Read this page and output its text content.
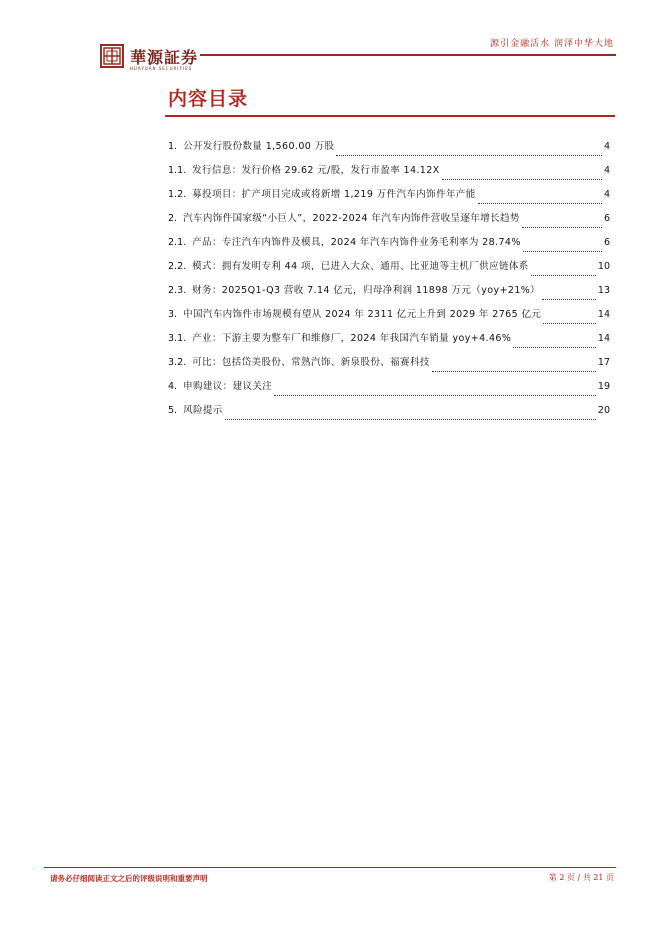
源引金融活水 润泽中华大地
華源証券
HUAYUAN SECURITIES
内容目录
1. 公开发行股份数量 1,560.00 万股	4
1.1. 发行信息：发行价格 29.62 元/股，发行市盈率 14.12X	4
1.2. 募投项目：扩产项目完成或将新增 1,219 万件汽车内饰件年产能	4
2. 汽车内饰件国家级“小巨人”，2022-2024 年汽车内饰件营收呈逐年增长趋势	6
2.1. 产品：专注汽车内饰件及模具，2024 年汽车内饰件业务毛利率为 28.74%	6
2.2. 模式：拥有发明专利 44 项，已进入大众、通用、比亚迪等主机厂供应链体系	10
2.3. 财务：2025Q1-Q3 营收 7.14 亿元，归母净利润 11898 万元（yoy+21%）	13
3. 中国汽车内饰件市场规模有望从 2024 年 2311 亿元上升到 2029 年 2765 亿元	14
3.1. 产业：下游主要为整车厂和维修厂，2024 年我国汽车销量 yoy+4.46%	14
3.2. 可比：包括岱美股份、常熟汽饰、新泉股份、福赛科技	17
4. 申购建议：建议关注	19
5. 风险提示	20
请务必仔细阅读正文之后的评级说明和重要声明	第 2 页 / 共 21 页
